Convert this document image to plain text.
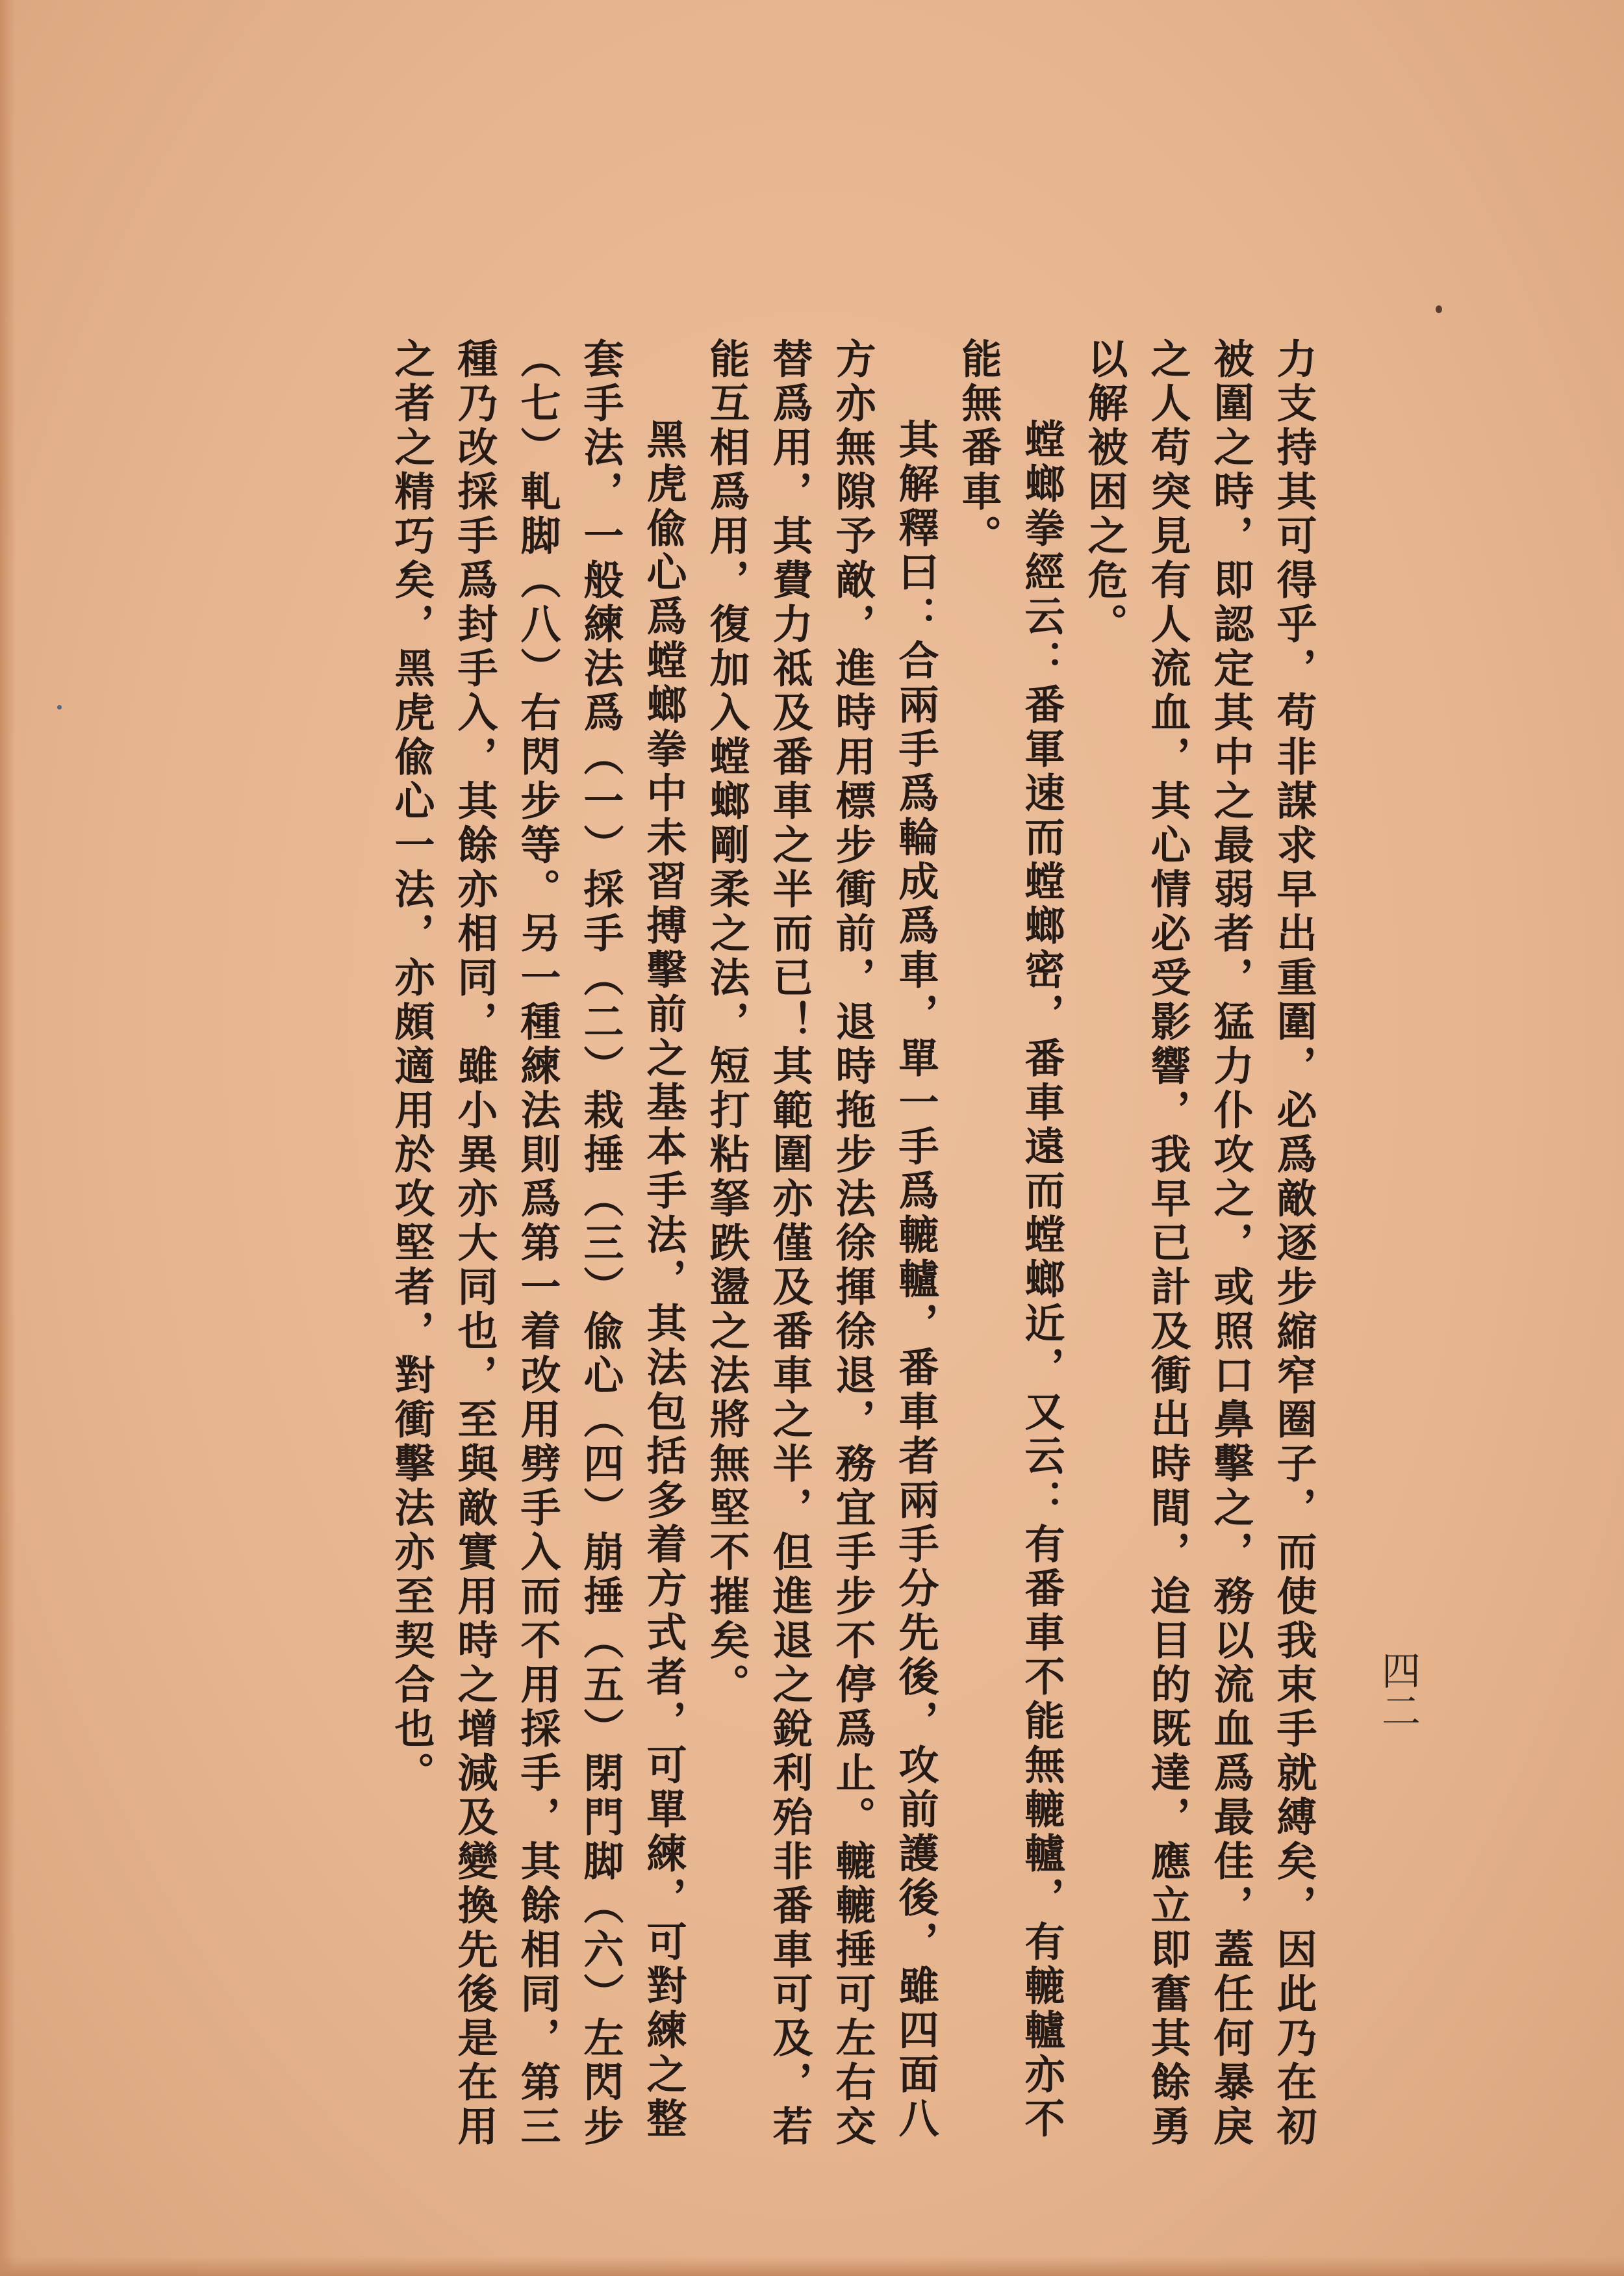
四二

力支持其可得乎，苟非謀求早出重圍，必爲敵逐步縮窄圈子，而使我束手就縛矣，因此乃在初被圍之時，即認定其中之最弱者，猛力仆攻之，或照口鼻擊之，務以流血爲最佳，蓋任何暴戾之人苟突見有人流血，其心情必受影響，我早已計及衝出時間，迨目的既達，應立即奮其餘勇以解被困之危。

螳螂拳經云：番軍速而螳螂密，番車遠而螳螂近，又云：有番車不能無轆轤，有轆轤亦不能無番車。

其解釋曰：合兩手爲輪成爲車，單一手爲轆轤，番車者兩手分先後，攻前護後，雖四面八方亦無隙予敵，進時用標步衝前，退時拖步法徐揮徐退，務宜手步不停爲止。轆轆捶可左右交替爲用，其費力祗及番車之半而已！其範圍亦僅及番車之半，但進退之銳利殆非番車可及，若能互相爲用，復加入螳螂剛柔之法，短打粘拏跌盪之法將無堅不摧矣。

黑虎偸心爲螳螂拳中未習搏擊前之基本手法，其法包括多着方式者，可單練，可對練之整套手法，一般練法爲（一）採手（二）栽捶（三）偸心（四）崩捶（五）閉門脚（六）左閃步（七）軋脚（八）右閃步等。另一種練法則爲第一着改用劈手入而不用採手，其餘相同，第三種乃改採手爲封手入，其餘亦相同，雖小異亦大同也，至與敵實用時之增減及變換先後是在用之者之精巧矣，黑虎偸心一法，亦頗適用於攻堅者，對衝擊法亦至契合也。
